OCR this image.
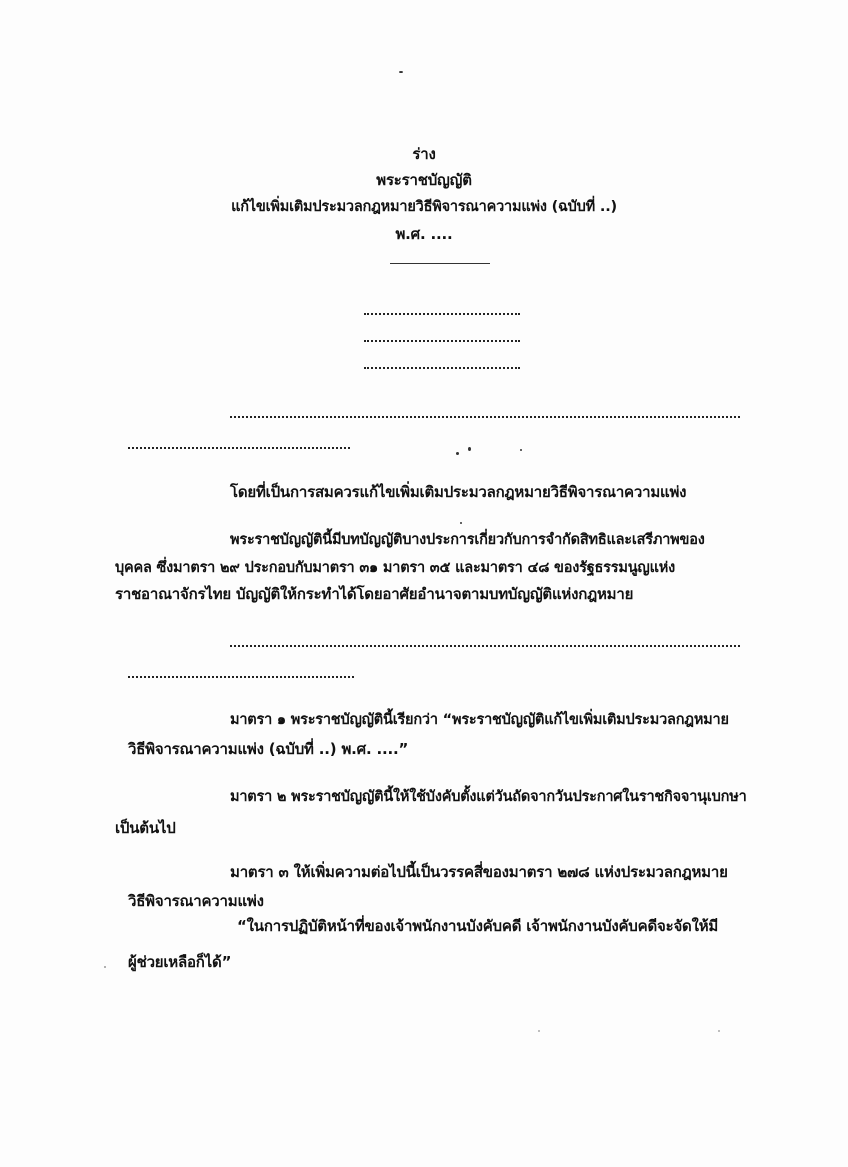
ร่าง
พระราชบัญญัติ
แก้ไขเพิ่มเติมประมวลกฎหมายวิธีพิจารณาความแพ่ง (ฉบับที่ ..)
พ.ศ. ....
โดยที่เป็นการสมควรแก้ไขเพิ่มเติมประมวลกฎหมายวิธีพิจารณาความแพ่ง
พระราชบัญญัตินี้มีบทบัญญัติบางประการเกี่ยวกับการจำกัดสิทธิและเสรีภาพของ
บุคคล ซึ่งมาตรา ๒๙ ประกอบกับมาตรา ๓๑ มาตรา ๓๕ และมาตรา ๔๘ ของรัฐธรรมนูญแห่ง
ราชอาณาจักรไทย บัญญัติให้กระทำได้โดยอาศัยอำนาจตามบทบัญญัติแห่งกฎหมาย
มาตรา ๑ พระราชบัญญัตินี้เรียกว่า “พระราชบัญญัติแก้ไขเพิ่มเติมประมวลกฎหมาย
วิธีพิจารณาความแพ่ง (ฉบับที่ ..) พ.ศ. ....”
มาตรา ๒ พระราชบัญญัตินี้ให้ใช้บังคับตั้งแต่วันถัดจากวันประกาศในราชกิจจานุเบกษา
เป็นต้นไป
มาตรา ๓ ให้เพิ่มความต่อไปนี้เป็นวรรคสี่ของมาตรา ๒๗๘ แห่งประมวลกฎหมาย
วิธีพิจารณาความแพ่ง
“ในการปฏิบัติหน้าที่ของเจ้าพนักงานบังคับคดี เจ้าพนักงานบังคับคดีจะจัดให้มี
ผู้ช่วยเหลือก็ได้”
